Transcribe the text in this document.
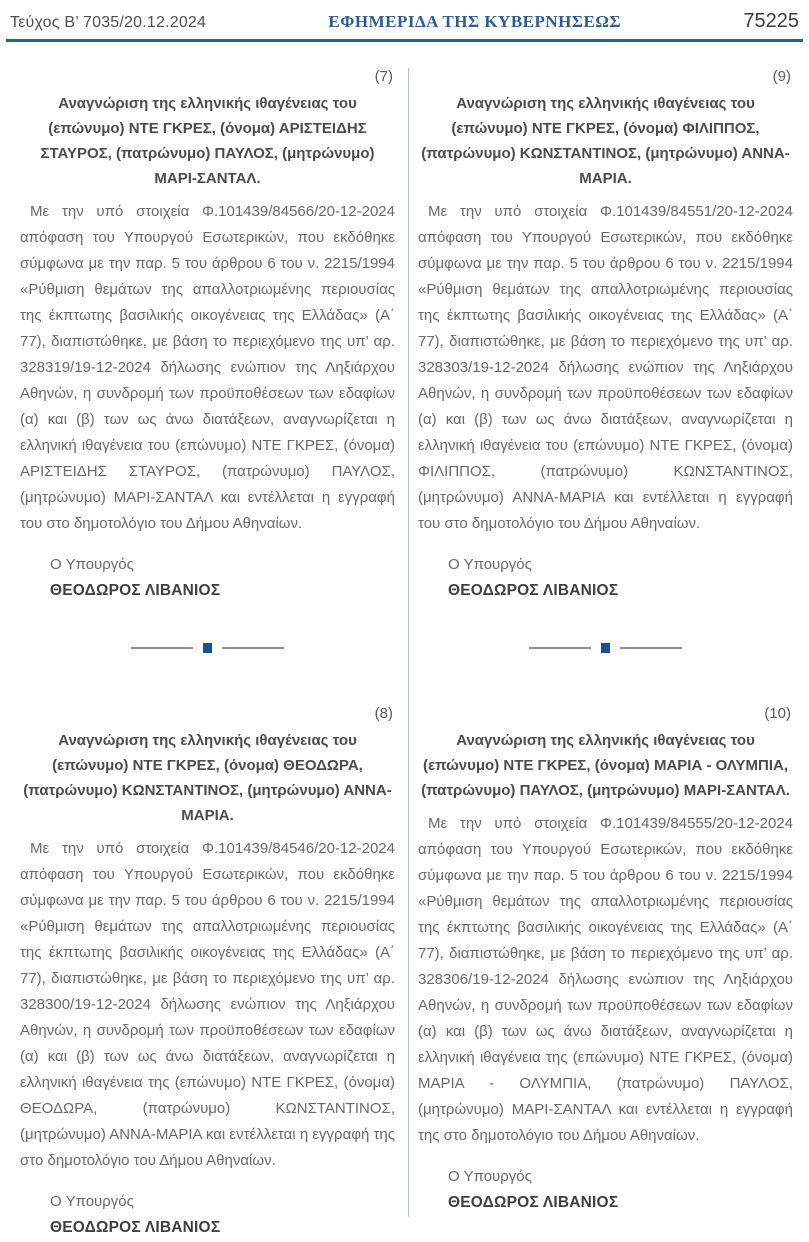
Τεύχος Β’ 7035/20.12.2024	ΕΦΗΜΕΡΙΔΑ ΤΗΣ ΚΥΒΕΡΝΗΣΕΩΣ	75225
(7)
Αναγνώριση της ελληνικής ιθαγένειας του (επώνυμο) ΝΤΕ ΓΚΡΕΣ, (όνομα) ΑΡΙΣΤΕΙΔΗΣ ΣΤΑΥΡΟΣ, (πατρώνυμο) ΠΑΥΛΟΣ, (μητρώνυμο) ΜΑΡΙ-ΣΑΝΤΑΛ.

Με την υπό στοιχεία Φ.101439/84566/20-12-2024 απόφαση του Υπουργού Εσωτερικών, που εκδόθηκε σύμφωνα με την παρ. 5 του άρθρου 6 του ν. 2215/1994 «Ρύθμιση θεμάτων της απαλλοτριωμένης περιουσίας της έκπτωτης βασιλικής οικογένειας της Ελλάδας» (Α΄ 77), διαπιστώθηκε, με βάση το περιεχόμενο της υπ’ αρ. 328319/19-12-2024 δήλωσης ενώπιον της Ληξιάρχου Αθηνών, η συνδρομή των προϋποθέσεων των εδαφίων (α) και (β) των ως άνω διατάξεων, αναγνωρίζεται η ελληνική ιθαγένεια του (επώνυμο) ΝΤΕ ΓΚΡΕΣ, (όνομα) ΑΡΙΣΤΕΙΔΗΣ ΣΤΑΥΡΟΣ, (πατρώνυμο) ΠΑΥΛΟΣ, (μητρώνυμο) ΜΑΡΙ-ΣΑΝΤΑΛ και εντέλλεται η εγγραφή του στο δημοτολόγιο του Δήμου Αθηναίων.

Ο Υπουργός
ΘΕΟΔΩΡΟΣ ΛΙΒΑΝΙΟΣ
(8)
Αναγνώριση της ελληνικής ιθαγένειας του (επώνυμο) ΝΤΕ ΓΚΡΕΣ, (όνομα) ΘΕΟΔΩΡΑ, (πατρώνυμο) ΚΩΝΣΤΑΝΤΙΝΟΣ, (μητρώνυμο) ΑΝΝΑ-ΜΑΡΙΑ.

Με την υπό στοιχεία Φ.101439/84546/20-12-2024 απόφαση του Υπουργού Εσωτερικών, που εκδόθηκε σύμφωνα με την παρ. 5 του άρθρου 6 του ν. 2215/1994 «Ρύθμιση θεμάτων της απαλλοτριωμένης περιουσίας της έκπτωτης βασιλικής οικογένειας της Ελλάδας» (Α΄ 77), διαπιστώθηκε, με βάση το περιεχόμενο της υπ’ αρ. 328300/19-12-2024 δήλωσης ενώπιον της Ληξιάρχου Αθηνών, η συνδρομή των προϋποθέσεων των εδαφίων (α) και (β) των ως άνω διατάξεων, αναγνωρίζεται η ελληνική ιθαγένεια της (επώνυμο) ΝΤΕ ΓΚΡΕΣ, (όνομα) ΘΕΟΔΩΡΑ, (πατρώνυμο) ΚΩΝΣΤΑΝΤΙΝΟΣ, (μητρώνυμο) ΑΝΝΑ-ΜΑΡΙΑ και εντέλλεται η εγγραφή της στο δημοτολόγιο του Δήμου Αθηναίων.

Ο Υπουργός
ΘΕΟΔΩΡΟΣ ΛΙΒΑΝΙΟΣ
(9)
Αναγνώριση της ελληνικής ιθαγένειας του (επώνυμο) ΝΤΕ ΓΚΡΕΣ, (όνομα) ΦΙΛΙΠΠΟΣ, (πατρώνυμο) ΚΩΝΣΤΑΝΤΙΝΟΣ, (μητρώνυμο) ΑΝΝΑ-ΜΑΡΙΑ.

Με την υπό στοιχεία Φ.101439/84551/20-12-2024 απόφαση του Υπουργού Εσωτερικών, που εκδόθηκε σύμφωνα με την παρ. 5 του άρθρου 6 του ν. 2215/1994 «Ρύθμιση θεμάτων της απαλλοτριωμένης περιουσίας της έκπτωτης βασιλικής οικογένειας της Ελλάδας» (Α΄ 77), διαπιστώθηκε, με βάση το περιεχόμενο της υπ’ αρ. 328303/19-12-2024 δήλωσης ενώπιον της Ληξιάρχου Αθηνών, η συνδρομή των προϋποθέσεων των εδαφίων (α) και (β) των ως άνω διατάξεων, αναγνωρίζεται η ελληνική ιθαγένεια του (επώνυμο) ΝΤΕ ΓΚΡΕΣ, (όνομα) ΦΙΛΙΠΠΟΣ, (πατρώνυμο) ΚΩΝΣΤΑΝΤΙΝΟΣ, (μητρώνυμο) ΑΝΝΑ-ΜΑΡΙΑ και εντέλλεται η εγγραφή του στο δημοτολόγιο του Δήμου Αθηναίων.

Ο Υπουργός
ΘΕΟΔΩΡΟΣ ΛΙΒΑΝΙΟΣ
(10)
Αναγνώριση της ελληνικής ιθαγένειας του (επώνυμο) ΝΤΕ ΓΚΡΕΣ, (όνομα) ΜΑΡΙΑ - ΟΛΥΜΠΙΑ, (πατρώνυμο) ΠΑΥΛΟΣ, (μητρώνυμο) ΜΑΡΙ-ΣΑΝΤΑΛ.

Με την υπό στοιχεία Φ.101439/84555/20-12-2024 απόφαση του Υπουργού Εσωτερικών, που εκδόθηκε σύμφωνα με την παρ. 5 του άρθρου 6 του ν. 2215/1994 «Ρύθμιση θεμάτων της απαλλοτριωμένης περιουσίας της έκπτωτης βασιλικής οικογένειας της Ελλάδας» (Α΄ 77), διαπιστώθηκε, με βάση το περιεχόμενο της υπ’ αρ. 328306/19-12-2024 δήλωσης ενώπιον της Ληξιάρχου Αθηνών, η συνδρομή των προϋποθέσεων των εδαφίων (α) και (β) των ως άνω διατάξεων, αναγνωρίζεται η ελληνική ιθαγένεια της (επώνυμο) ΝΤΕ ΓΚΡΕΣ, (όνομα) ΜΑΡΙΑ - ΟΛΥΜΠΙΑ, (πατρώνυμο) ΠΑΥΛΟΣ, (μητρώνυμο) ΜΑΡΙ-ΣΑΝΤΑΛ και εντέλλεται η εγγραφή της στο δημοτολόγιο του Δήμου Αθηναίων.

Ο Υπουργός
ΘΕΟΔΩΡΟΣ ΛΙΒΑΝΙΟΣ
